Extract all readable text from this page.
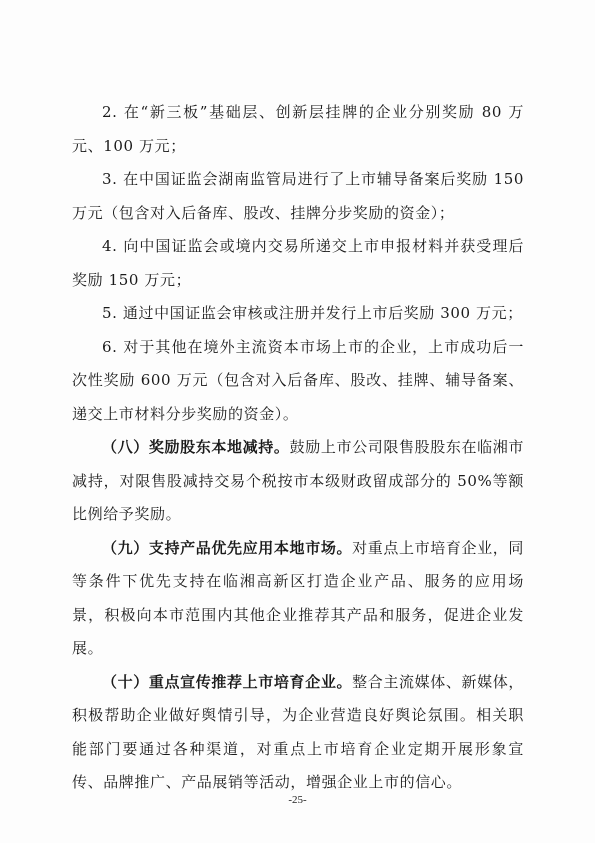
2. 在“新三板”基础层、创新层挂牌的企业分别奖励 80 万元、100 万元；

3. 在中国证监会湖南监管局进行了上市辅导备案后奖励 150 万元（包含对入后备库、股改、挂牌分步奖励的资金）；

4. 向中国证监会或境内交易所递交上市申报材料并获受理后奖励 150 万元；

5. 通过中国证监会审核或注册并发行上市后奖励 300 万元；

6. 对于其他在境外主流资本市场上市的企业，上市成功后一次性奖励 600 万元（包含对入后备库、股改、挂牌、辅导备案、递交上市材料分步奖励的资金）。

（八）奖励股东本地减持。鼓励上市公司限售股股东在临湘市减持，对限售股减持交易个税按市本级财政留成部分的 50%等额比例给予奖励。

（九）支持产品优先应用本地市场。对重点上市培育企业，同等条件下优先支持在临湘高新区打造企业产品、服务的应用场景，积极向本市范围内其他企业推荐其产品和服务，促进企业发展。

（十）重点宣传推荐上市培育企业。整合主流媒体、新媒体，积极帮助企业做好舆情引导，为企业营造良好舆论氛围。相关职能部门要通过各种渠道，对重点上市培育企业定期开展形象宣传、品牌推广、产品展销等活动，增强企业上市的信心。

-25-
